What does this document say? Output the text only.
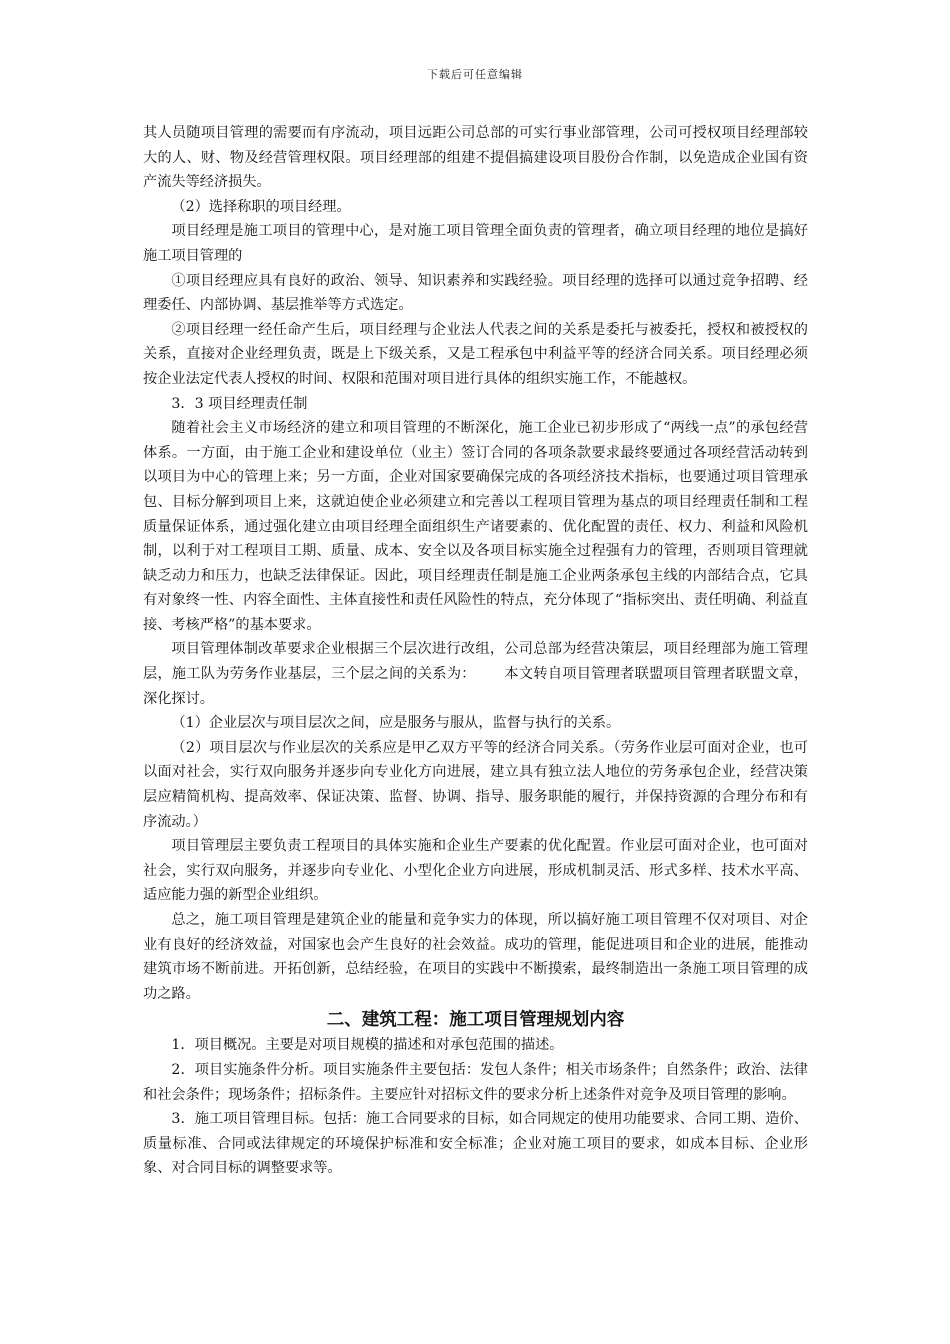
下载后可任意编辑

其人员随项目管理的需要而有序流动，项目远距公司总部的可实行事业部管理，公司可授权项目经理部较大的人、财、物及经营管理权限。项目经理部的组建不提倡搞建设项目股份合作制，以免造成企业国有资产流失等经济损失。

（2）选择称职的项目经理。

项目经理是施工项目的管理中心，是对施工项目管理全面负责的管理者，确立项目经理的地位是搞好施工项目管理的

①项目经理应具有良好的政治、领导、知识素养和实践经验。项目经理的选择可以通过竞争招聘、经理委任、内部协调、基层推举等方式选定。

②项目经理一经任命产生后，项目经理与企业法人代表之间的关系是委托与被委托，授权和被授权的关系，直接对企业经理负责，既是上下级关系，又是工程承包中利益平等的经济合同关系。项目经理必须按企业法定代表人授权的时间、权限和范围对项目进行具体的组织实施工作，不能越权。

3．3 项目经理责任制

随着社会主义市场经济的建立和项目管理的不断深化，施工企业已初步形成了“两线一点”的承包经营体系。一方面，由于施工企业和建设单位（业主）签订合同的各项条款要求最终要通过各项经营活动转到以项目为中心的管理上来；另一方面，企业对国家要确保完成的各项经济技术指标，也要通过项目管理承包、目标分解到项目上来，这就迫使企业必须建立和完善以工程项目管理为基点的项目经理责任制和工程质量保证体系，通过强化建立由项目经理全面组织生产诸要素的、优化配置的责任、权力、利益和风险机制，以利于对工程项目工期、质量、成本、安全以及各项目标实施全过程强有力的管理，否则项目管理就缺乏动力和压力，也缺乏法律保证。因此，项目经理责任制是施工企业两条承包主线的内部结合点，它具有对象终一性、内容全面性、主体直接性和责任风险性的特点，充分体现了“指标突出、责任明确、利益直接、考核严格”的基本要求。

项目管理体制改革要求企业根据三个层次进行改组，公司总部为经营决策层，项目经理部为施工管理层，施工队为劳务作业基层，三个层之间的关系为： 本文转自项目管理者联盟项目管理者联盟文章，深化探讨。

（1）企业层次与项目层次之间，应是服务与服从，监督与执行的关系。

（2）项目层次与作业层次的关系应是甲乙双方平等的经济合同关系。（劳务作业层可面对企业，也可以面对社会，实行双向服务并逐步向专业化方向进展，建立具有独立法人地位的劳务承包企业，经营决策层应精简机构、提高效率、保证决策、监督、协调、指导、服务职能的履行，并保持资源的合理分布和有序流动。）

项目管理层主要负责工程项目的具体实施和企业生产要素的优化配置。作业层可面对企业，也可面对社会，实行双向服务，并逐步向专业化、小型化企业方向进展，形成机制灵活、形式多样、技术水平高、适应能力强的新型企业组织。

总之，施工项目管理是建筑企业的能量和竞争实力的体现，所以搞好施工项目管理不仅对项目、对企业有良好的经济效益，对国家也会产生良好的社会效益。成功的管理，能促进项目和企业的进展，能推动建筑市场不断前进。开拓创新，总结经验，在项目的实践中不断摸索，最终制造出一条施工项目管理的成功之路。

二、建筑工程：施工项目管理规划内容

1．项目概况。主要是对项目规模的描述和对承包范围的描述。

2．项目实施条件分析。项目实施条件主要包括：发包人条件；相关市场条件；自然条件；政治、法律和社会条件；现场条件；招标条件。主要应针对招标文件的要求分析上述条件对竞争及项目管理的影响。

3．施工项目管理目标。包括：施工合同要求的目标，如合同规定的使用功能要求、合同工期、造价、质量标准、合同或法律规定的环境保护标准和安全标准；企业对施工项目的要求，如成本目标、企业形象、对合同目标的调整要求等。
